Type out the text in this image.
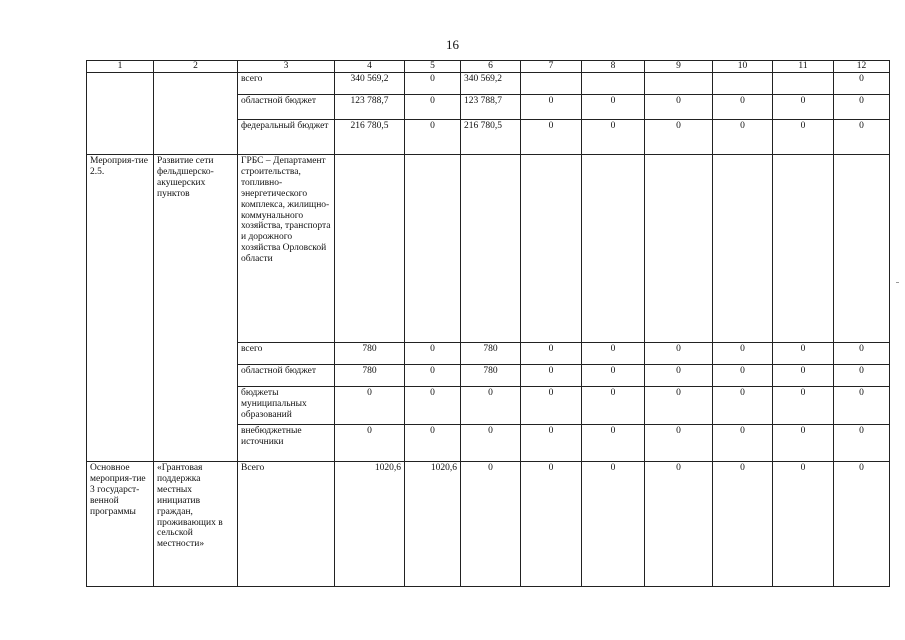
16
1	2	3	4	5	6	7	8	9	10	11	12
		всего	340 569,2	0	340 569,2						0
		областной бюджет	123 788,7	0	123 788,7	0	0	0	0	0	0
		федеральный бюджет	216 780,5	0	216 780,5	0	0	0	0	0	0
Мероприя-тие 2.5.	Развитие сети фельдшерско-акушерских пунктов	ГРБС – Департамент строительства, топливно-энергетического комплекса, жилищно-коммунального хозяйства, транспорта и дорожного хозяйства Орловской области									
		всего	780	0	780	0	0	0	0	0	0
		областной бюджет	780	0	780	0	0	0	0	0	0
		бюджеты муниципальных образований	0	0	0	0	0	0	0	0	0
		внебюджетные источники	0	0	0	0	0	0	0	0	0
Основное мероприя-тие 3 государст-венной программы	«Грантовая поддержка местных инициатив граждан, проживающих в сельской местности»	Всего	1020,6	1020,6	0	0	0	0	0	0	0
